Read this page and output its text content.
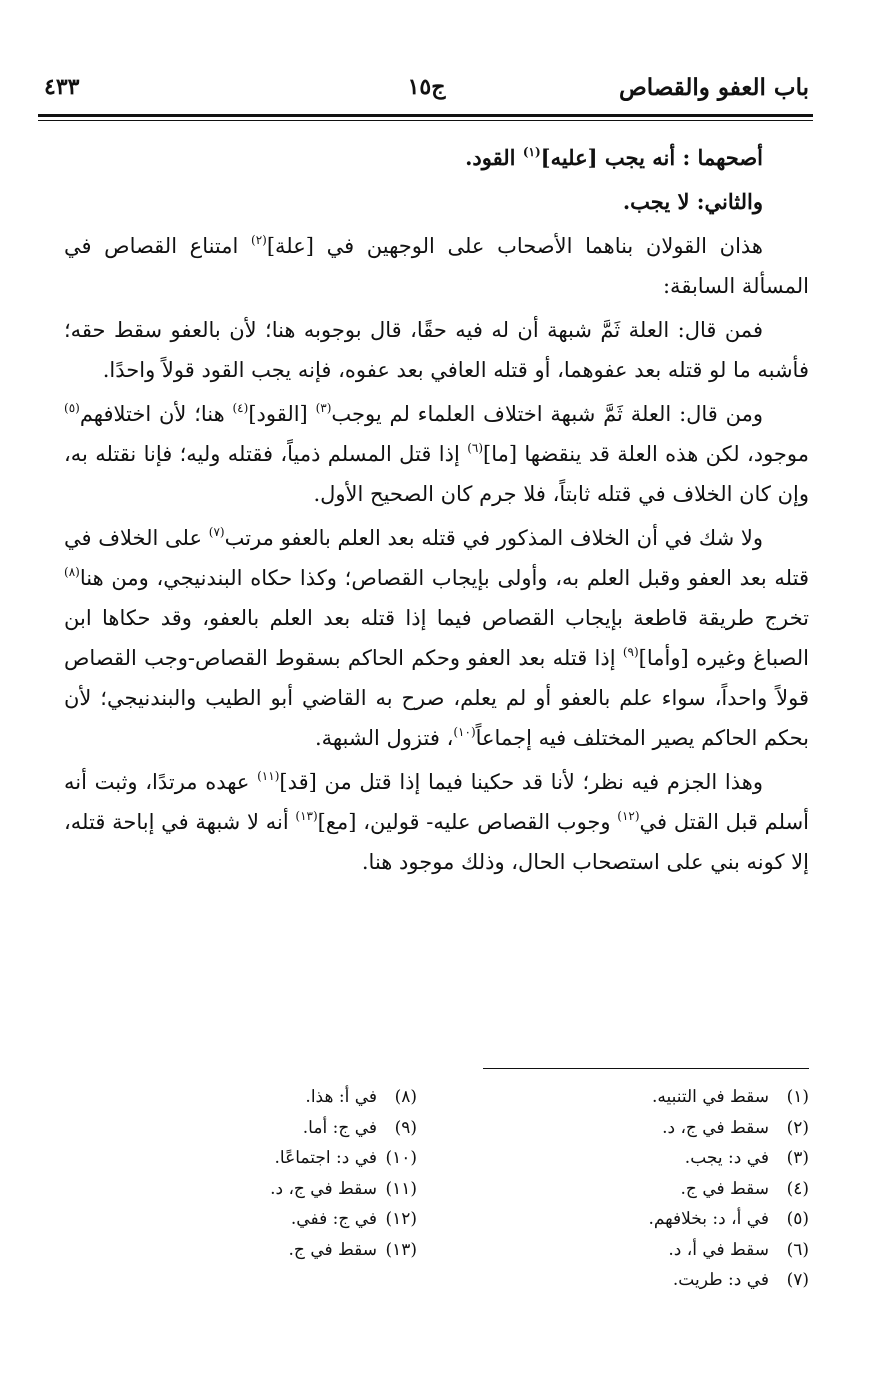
باب العفو والقصاص
ج١٥
٤٣٣

أصحهما : أنه يجب [عليه]$^{(١)}$ القود.

والثاني: لا يجب.

هذان القولان بناهما الأصحاب على الوجهين في [علة]$^{(٢)}$ امتناع القصاص في المسألة السابقة:

فمن قال: العلة ثَمَّ شبهة أن له فيه حقًا، قال بوجوبه هنا؛ لأن بالعفو سقط حقه؛ فأشبه ما لو قتله بعد عفوهما، أو قتله العافي بعد عفوه، فإنه يجب القود قولاً واحدًا.

ومن قال: العلة ثَمَّ شبهة اختلاف العلماء لم يوجب$^{(٣)}$ [القود]$^{(٤)}$ هنا؛ لأن اختلافهم$^{(٥)}$ موجود، لكن هذه العلة قد ينقضها [ما]$^{(٦)}$ إذا قتل المسلم ذمياً، فقتله وليه؛ فإنا نقتله به، وإن كان الخلاف في قتله ثابتاً، فلا جرم كان الصحيح الأول.

ولا شك في أن الخلاف المذكور في قتله بعد العلم بالعفو مرتب$^{(٧)}$ على الخلاف في قتله بعد العفو وقبل العلم به، وأولى بإيجاب القصاص؛ وكذا حكاه البندنيجي، ومن هنا$^{(٨)}$ تخرج طريقة قاطعة بإيجاب القصاص فيما إذا قتله بعد العلم بالعفو، وقد حكاها ابن الصباغ وغيره [وأما]$^{(٩)}$ إذا قتله بعد العفو وحكم الحاكم بسقوط القصاص-وجب القصاص قولاً واحداً، سواء علم بالعفو أو لم يعلم، صرح به القاضي أبو الطيب والبندنيجي؛ لأن بحكم الحاكم يصير المختلف فيه إجماعاً$^{(١٠)}$، فتزول الشبهة.

وهذا الجزم فيه نظر؛ لأنا قد حكينا فيما إذا قتل من [قد]$^{(١١)}$ عهده مرتدًا، وثبت أنه أسلم قبل القتل في$^{(١٢)}$ وجوب القصاص عليه- قولين، [مع]$^{(١٣)}$ أنه لا شبهة في إباحة قتله، إلا كونه بني على استصحاب الحال، وذلك موجود هنا.

(١)سقط في التنبيه.
(٢)سقط في ج، د.
(٣)في د: يجب.
(٤)سقط في ج.
(٥)في أ، د: بخلافهم.
(٦)سقط في أ، د.
(٧)في د: طريت.
(٨)في أ: هذا.
(٩)في ج: أما.
(١٠)في د: اجتماعًا.
(١١)سقط في ج، د.
(١٢)في ج: ففي.
(١٣)سقط في ج.
